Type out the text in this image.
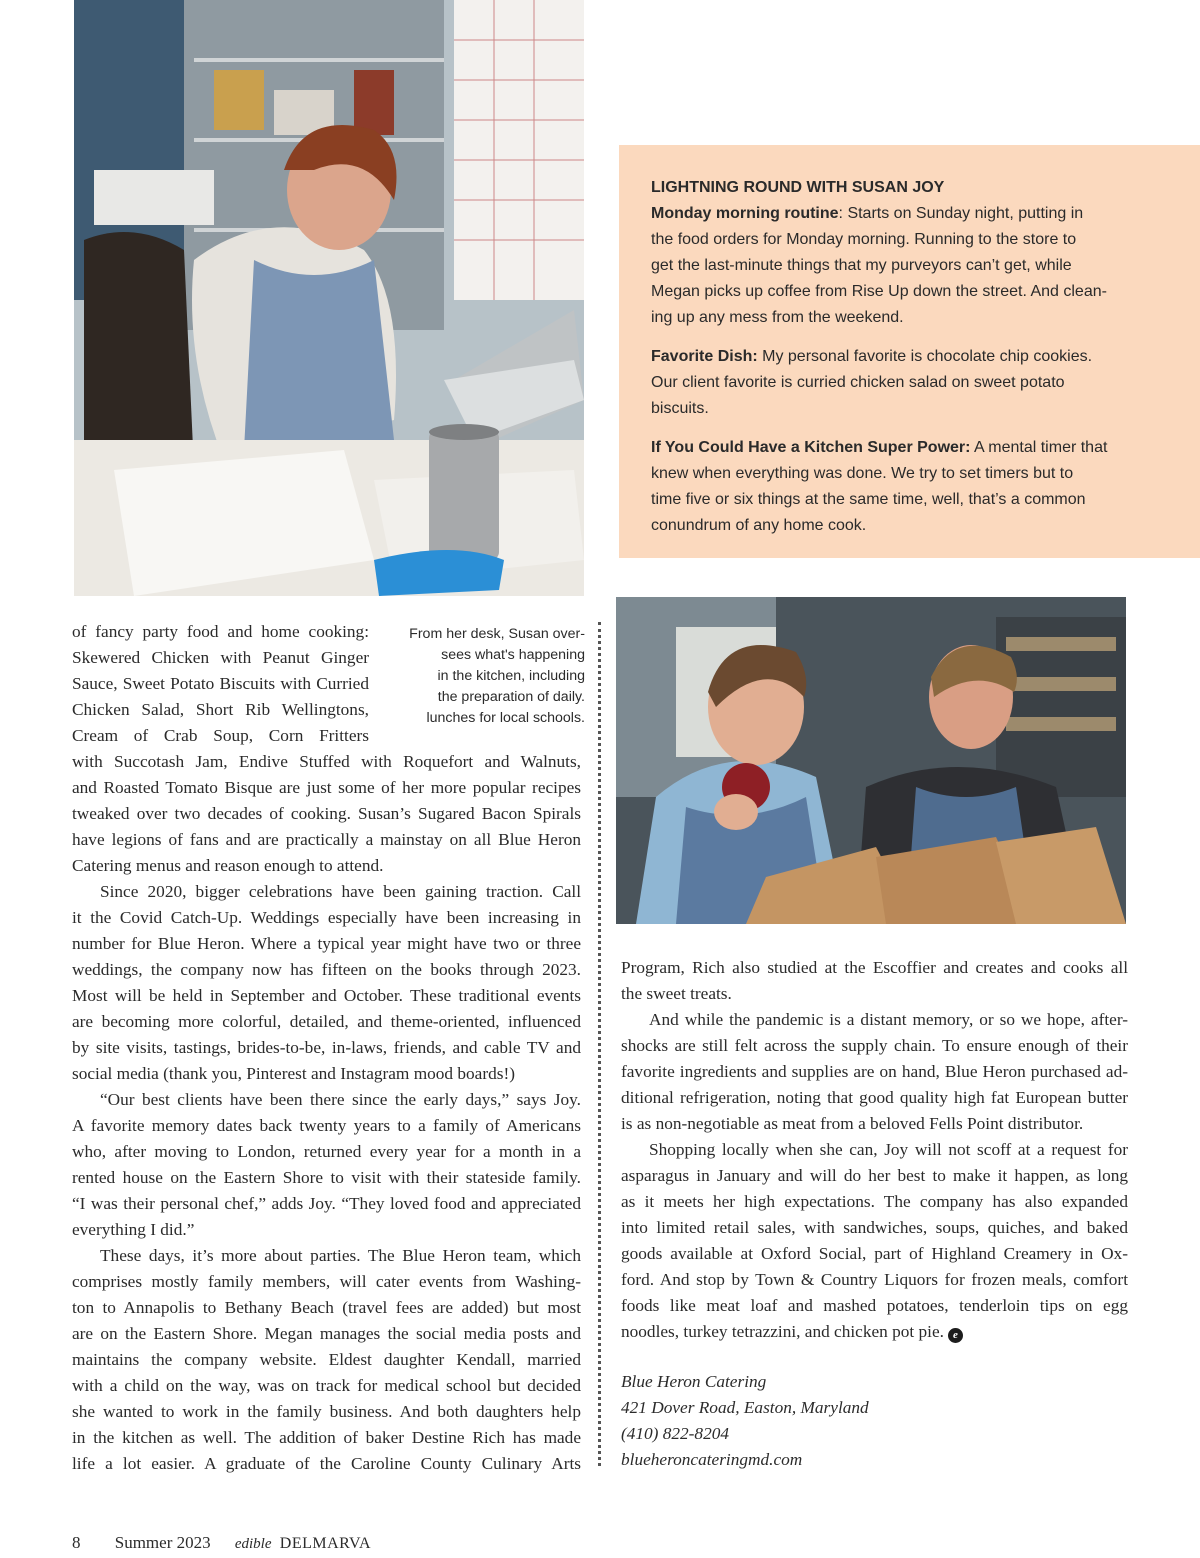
LIGHTNING ROUND WITH SUSAN JOY

Monday morning routine: Starts on Sunday night, putting in
the food orders for Monday morning. Running to the store to
get the last-minute things that my purveyors can’t get, while
Megan picks up coffee from Rise Up down the street. And clean-
ing up any mess from the weekend.

Favorite Dish: My personal favorite is chocolate chip cookies.
Our client favorite is curried chicken salad on sweet potato
biscuits.

If You Could Have a Kitchen Super Power: A mental timer that
knew when everything was done. We try to set timers but to
time five or six things at the same time, well, that’s a common
conundrum of any home cook.

From her desk, Susan over-
sees what's happening
in the kitchen, including
the preparation of daily.
lunches for local schools.
of fancy party food and home cooking:
Skewered Chicken with Peanut Ginger
Sauce, Sweet Potato Biscuits with Curried
Chicken Salad, Short Rib Wellingtons,
Cream of Crab Soup, Corn Fritters
with Succotash Jam, Endive Stuffed with Roquefort and Walnuts,
and Roasted Tomato Bisque are just some of her more popular recipes
tweaked over two decades of cooking. Susan’s Sugared Bacon Spirals
have legions of fans and are practically a mainstay on all Blue Heron
Catering menus and reason enough to attend.
Since 2020, bigger celebrations have been gaining traction. Call
it the Covid Catch-Up. Weddings especially have been increasing in
number for Blue Heron. Where a typical year might have two or three
weddings, the company now has fifteen on the books through 2023.
Most will be held in September and October. These traditional events
are becoming more colorful, detailed, and theme-oriented, influenced
by site visits, tastings, brides-to-be, in-laws, friends, and cable TV and
social media (thank you, Pinterest and Instagram mood boards!)
“Our best clients have been there since the early days,” says Joy.
A favorite memory dates back twenty years to a family of Americans
who, after moving to London, returned every year for a month in a
rented house on the Eastern Shore to visit with their stateside family.
“I was their personal chef,” adds Joy. “They loved food and appreciated
everything I did.”
These days, it’s more about parties. The Blue Heron team, which
comprises mostly family members, will cater events from Washing-
ton to Annapolis to Bethany Beach (travel fees are added) but most
are on the Eastern Shore. Megan manages the social media posts and
maintains the company website. Eldest daughter Kendall, married
with a child on the way, was on track for medical school but decided
she wanted to work in the family business. And both daughters help
in the kitchen as well. The addition of baker Destine Rich has made
life a lot easier. A graduate of the Caroline County Culinary Arts
Program, Rich also studied at the Escoffier and creates and cooks all
the sweet treats.
And while the pandemic is a distant memory, or so we hope, after-
shocks are still felt across the supply chain. To ensure enough of their
favorite ingredients and supplies are on hand, Blue Heron purchased ad-
ditional refrigeration, noting that good quality high fat European butter
is as non-negotiable as meat from a beloved Fells Point distributor.
Shopping locally when she can, Joy will not scoff at a request for
asparagus in January and will do her best to make it happen, as long
as it meets her high expectations. The company has also expanded
into limited retail sales, with sandwiches, soups, quiches, and baked
goods available at Oxford Social, part of Highland Creamery in Ox-
ford. And stop by Town & Country Liquors for frozen meals, comfort
foods like meat loaf and mashed potatoes, tenderloin tips on egg
noodles, turkey tetrazzini, and chicken pot pie. e
Blue Heron Catering
421 Dover Road, Easton, Maryland
(410) 822-8204
blueheroncateringmd.com
8 Summer 2023 edible DELMARVA
